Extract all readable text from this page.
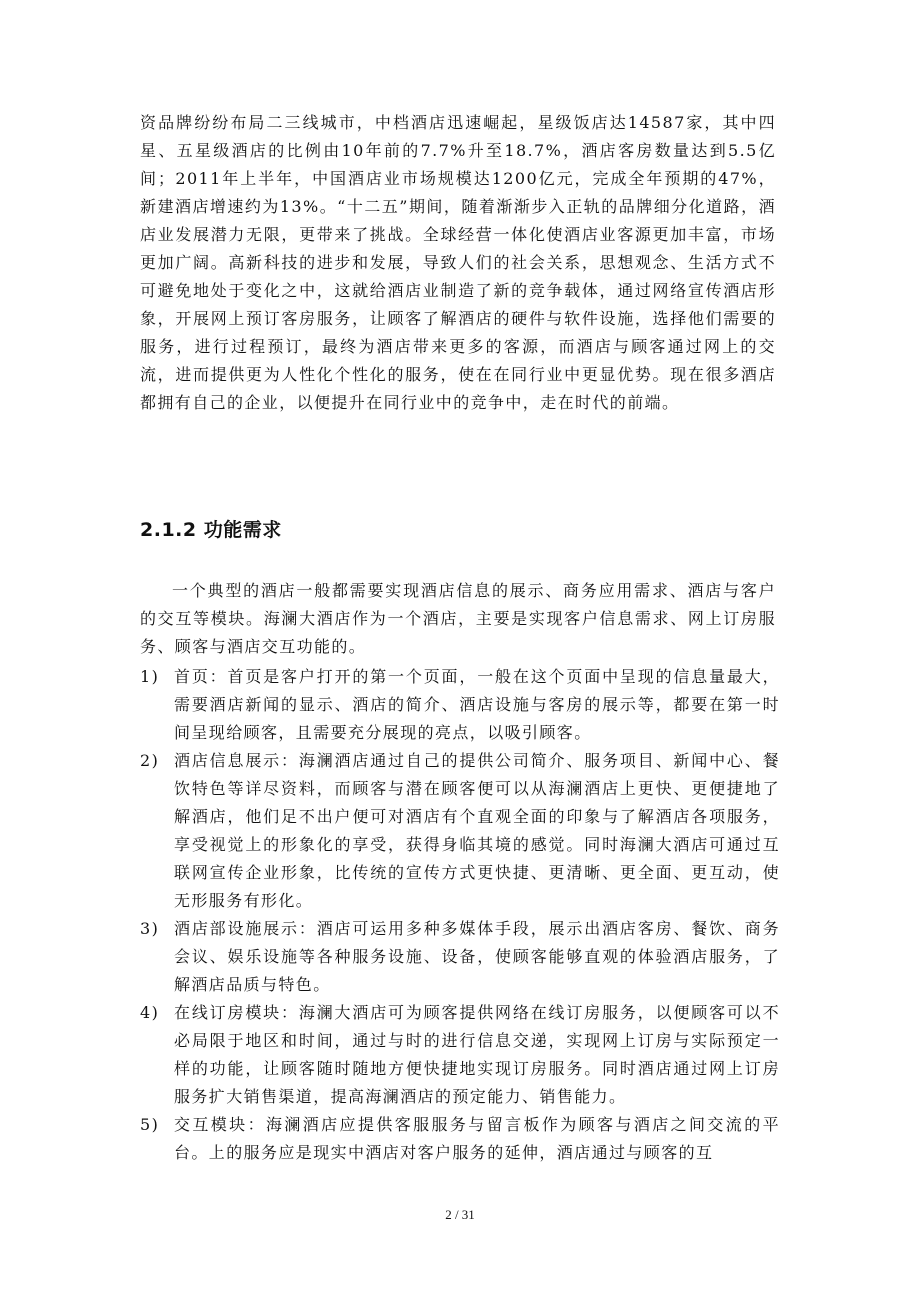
资品牌纷纷布局二三线城市，中档酒店迅速崛起，星级饭店达14587家，其中四星、五星级酒店的比例由10年前的7.7%升至18.7%，酒店客房数量达到5.5亿间；2011年上半年，中国酒店业市场规模达1200亿元，完成全年预期的47%，新建酒店增速约为13%。“十二五”期间，随着渐渐步入正轨的品牌细分化道路，酒店业发展潜力无限，更带来了挑战。全球经营一体化使酒店业客源更加丰富，市场更加广阔。高新科技的进步和发展，导致人们的社会关系，思想观念、生活方式不可避免地处于变化之中，这就给酒店业制造了新的竞争载体，通过网络宣传酒店形象，开展网上预订客房服务，让顾客了解酒店的硬件与软件设施，选择他们需要的服务，进行过程预订，最终为酒店带来更多的客源，而酒店与顾客通过网上的交流，进而提供更为人性化个性化的服务，使在在同行业中更显优势。现在很多酒店都拥有自己的企业，以便提升在同行业中的竞争中，走在时代的前端。

2.1.2 功能需求

一个典型的酒店一般都需要实现酒店信息的展示、商务应用需求、酒店与客户的交互等模块。海澜大酒店作为一个酒店，主要是实现客户信息需求、网上订房服务、顾客与酒店交互功能的。

1) 首页：首页是客户打开的第一个页面，一般在这个页面中呈现的信息量最大，需要酒店新闻的显示、酒店的简介、酒店设施与客房的展示等，都要在第一时间呈现给顾客，且需要充分展现的亮点，以吸引顾客。
2) 酒店信息展示：海澜酒店通过自己的提供公司简介、服务项目、新闻中心、餐饮特色等详尽资料，而顾客与潜在顾客便可以从海澜酒店上更快、更便捷地了解酒店，他们足不出户便可对酒店有个直观全面的印象与了解酒店各项服务，享受视觉上的形象化的享受，获得身临其境的感觉。同时海澜大酒店可通过互联网宣传企业形象，比传统的宣传方式更快捷、更清晰、更全面、更互动，使无形服务有形化。
3) 酒店部设施展示：酒店可运用多种多媒体手段，展示出酒店客房、餐饮、商务会议、娱乐设施等各种服务设施、设备，使顾客能够直观的体验酒店服务，了解酒店品质与特色。
4) 在线订房模块：海澜大酒店可为顾客提供网络在线订房服务，以便顾客可以不必局限于地区和时间，通过与时的进行信息交递，实现网上订房与实际预定一样的功能，让顾客随时随地方便快捷地实现订房服务。同时酒店通过网上订房服务扩大销售渠道，提高海澜酒店的预定能力、销售能力。
5) 交互模块：海澜酒店应提供客服服务与留言板作为顾客与酒店之间交流的平台。上的服务应是现实中酒店对客户服务的延伸，酒店通过与顾客的互
2 / 31
